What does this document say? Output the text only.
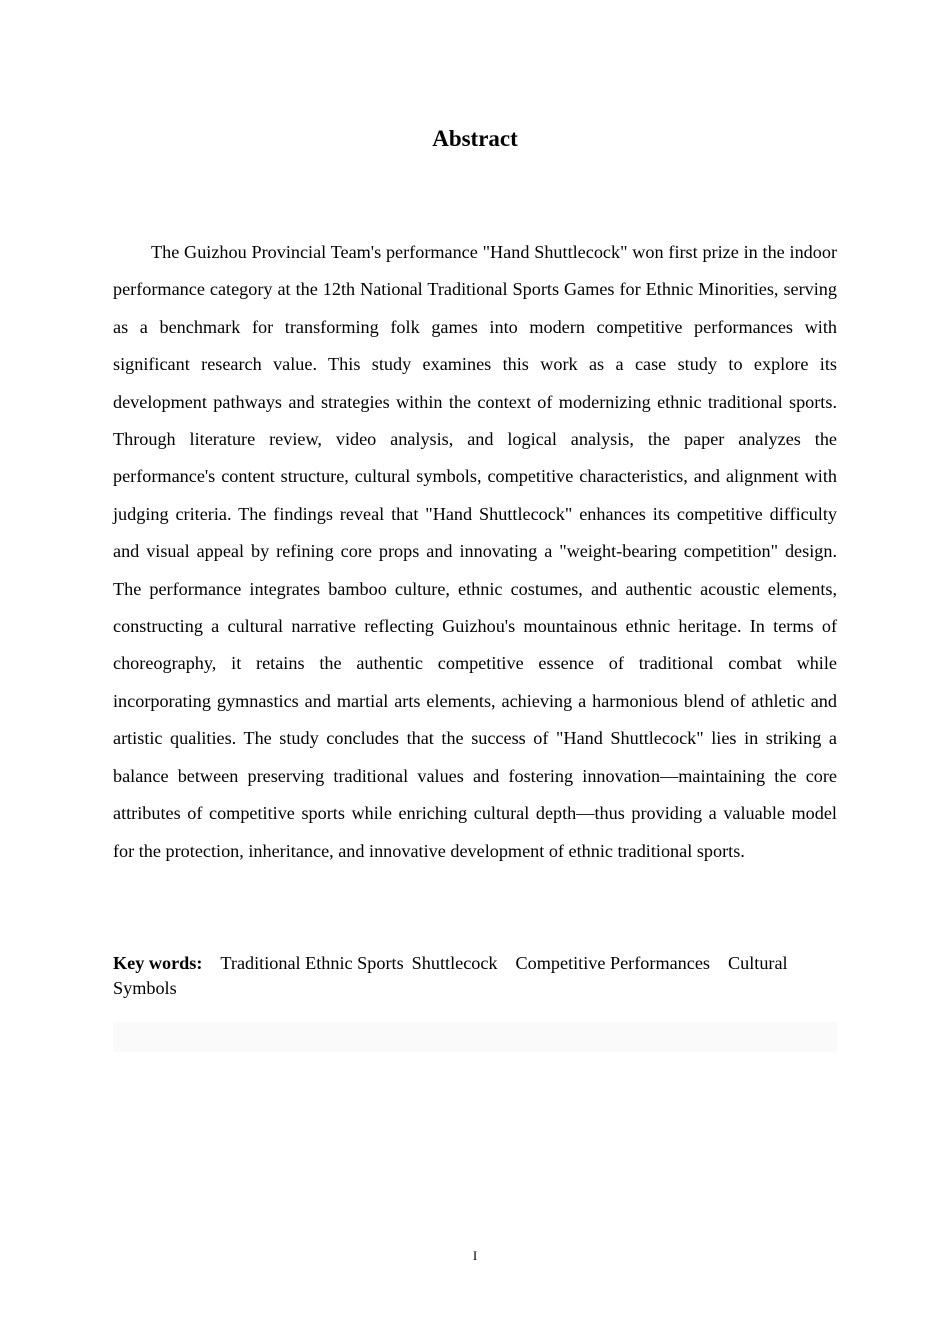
Abstract

The Guizhou Provincial Team's performance "Hand Shuttlecock" won first prize in the indoor performance category at the 12th National Traditional Sports Games for Ethnic Minorities, serving as a benchmark for transforming folk games into modern competitive performances with significant research value. This study examines this work as a case study to explore its development pathways and strategies within the context of modernizing ethnic traditional sports. Through literature review, video analysis, and logical analysis, the paper analyzes the performance's content structure, cultural symbols, competitive characteristics, and alignment with judging criteria. The findings reveal that "Hand Shuttlecock" enhances its competitive difficulty and visual appeal by refining core props and innovating a "weight-bearing competition" design. The performance integrates bamboo culture, ethnic costumes, and authentic acoustic elements, constructing a cultural narrative reflecting Guizhou's mountainous ethnic heritage. In terms of choreography, it retains the authentic competitive essence of traditional combat while incorporating gymnastics and martial arts elements, achieving a harmonious blend of athletic and artistic qualities. The study concludes that the success of "Hand Shuttlecock" lies in striking a balance between preserving traditional values and fostering innovation—maintaining the core attributes of competitive sports while enriching cultural depth—thus providing a valuable model for the protection, inheritance, and innovative development of ethnic traditional sports.

Key words: Traditional Ethnic Sports Shuttlecock Competitive Performances Cultural Symbols

I
